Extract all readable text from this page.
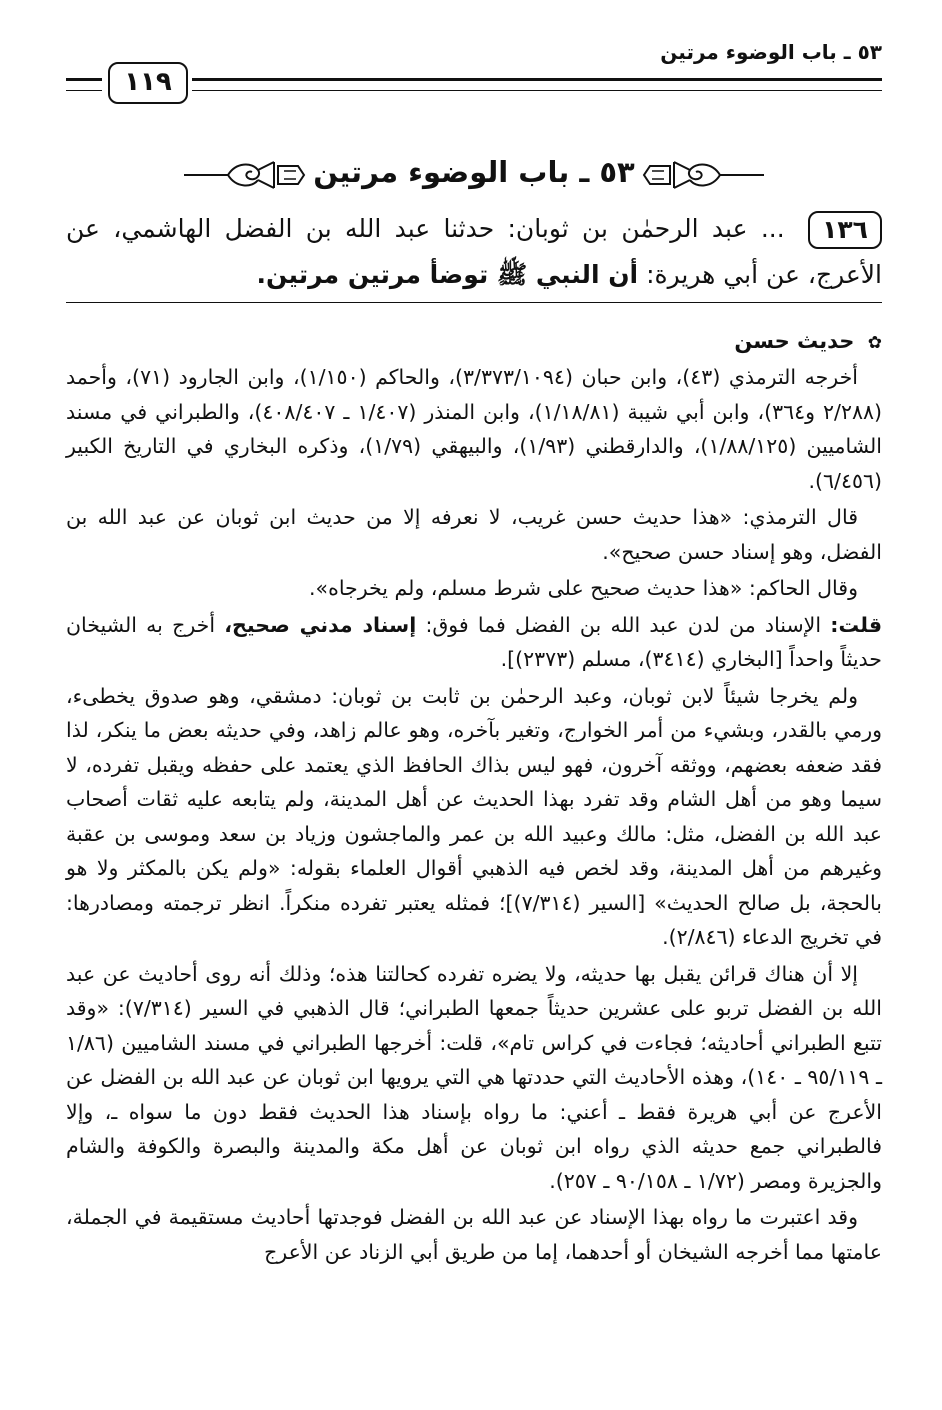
٥٣ ـ باب الوضوء مرتين
١١٩
٥٣ ـ باب الوضوء مرتين
١٣٦ ... عبد الرحمٰن بن ثوبان: حدثنا عبد الله بن الفضل الهاشمي، عن الأعرج، عن أبي هريرة: أن النبي ﷺ توضأ مرتين مرتين.
✿ حديث حسن

أخرجه الترمذي (٤٣)، وابن حبان (٣/٣٧٣/١٠٩٤)، والحاكم (١/١٥٠)، وابن الجارود (٧١)، وأحمد (٢/٢٨٨ و٣٦٤)، وابن أبي شيبة (١/١٨/٨١)، وابن المنذر (١/٤٠٧ ـ ٤٠٨/٤٠٧)، والطبراني في مسند الشاميين (١/٨٨/١٢٥)، والدارقطني (١/٩٣)، والبيهقي (١/٧٩)، وذكره البخاري في التاريخ الكبير (٦/٤٥٦).

قال الترمذي: «هذا حديث حسن غريب، لا نعرفه إلا من حديث ابن ثوبان عن عبد الله بن الفضل، وهو إسناد حسن صحيح».

وقال الحاكم: «هذا حديث صحيح على شرط مسلم، ولم يخرجاه».

قلت: الإسناد من لدن عبد الله بن الفضل فما فوق: إسناد مدني صحيح، أخرج به الشيخان حديثاً واحداً [البخاري (٣٤١٤)، مسلم (٢٣٧٣)].

ولم يخرجا شيئاً لابن ثوبان، وعبد الرحمٰن بن ثابت بن ثوبان: دمشقي، وهو صدوق يخطىء، ورمي بالقدر، وبشيء من أمر الخوارج، وتغير بآخره، وهو عالم زاهد، وفي حديثه بعض ما ينكر، لذا فقد ضعفه بعضهم، ووثقه آخرون، فهو ليس بذاك الحافظ الذي يعتمد على حفظه ويقبل تفرده، لا سيما وهو من أهل الشام وقد تفرد بهذا الحديث عن أهل المدينة، ولم يتابعه عليه ثقات أصحاب عبد الله بن الفضل، مثل: مالك وعبيد الله بن عمر والماجشون وزياد بن سعد وموسى بن عقبة وغيرهم من أهل المدينة، وقد لخص فيه الذهبي أقوال العلماء بقوله: «ولم يكن بالمكثر ولا هو بالحجة، بل صالح الحديث» [السير (٧/٣١٤)]؛ فمثله يعتبر تفرده منكراً. انظر ترجمته ومصادرها: في تخريج الدعاء (٢/٨٤٦).

إلا أن هناك قرائن يقبل بها حديثه، ولا يضره تفرده كحالتنا هذه؛ وذلك أنه روى أحاديث عن عبد الله بن الفضل تربو على عشرين حديثاً جمعها الطبراني؛ قال الذهبي في السير (٧/٣١٤): «وقد تتبع الطبراني أحاديثه؛ فجاءت في كراس تام»، قلت: أخرجها الطبراني في مسند الشاميين (١/٨٦ ـ ٩٥/١١٩ ـ ١٤٠)، وهذه الأحاديث التي حددتها هي التي يرويها ابن ثوبان عن عبد الله بن الفضل عن الأعرج عن أبي هريرة فقط ـ أعني: ما رواه بإسناد هذا الحديث فقط دون ما سواه ـ، وإلا فالطبراني جمع حديثه الذي رواه ابن ثوبان عن أهل مكة والمدينة والبصرة والكوفة والشام والجزيرة ومصر (١/٧٢ ـ ٩٠/١٥٨ ـ ٢٥٧).

وقد اعتبرت ما رواه بهذا الإسناد عن عبد الله بن الفضل فوجدتها أحاديث مستقيمة في الجملة، عامتها مما أخرجه الشيخان أو أحدهما، إما من طريق أبي الزناد عن الأعرج
